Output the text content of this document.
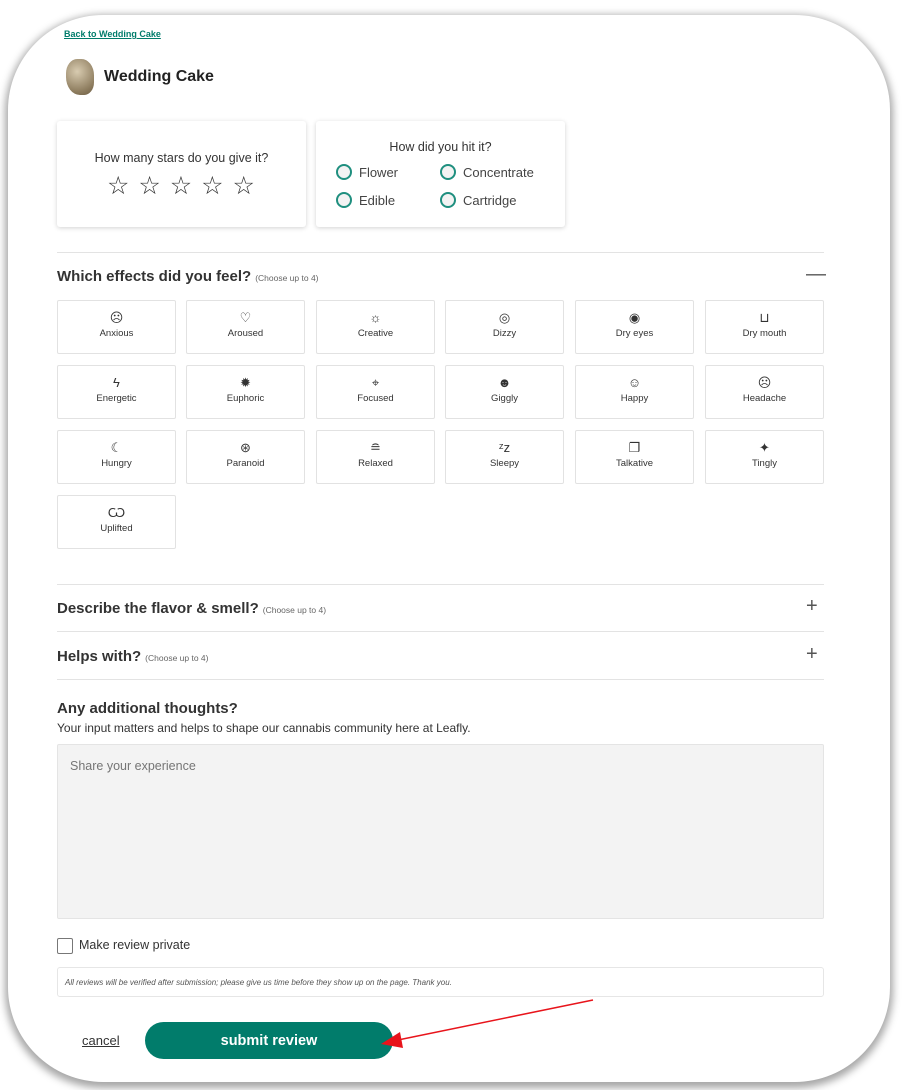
Back to Wedding Cake
Wedding Cake
How many stars do you give it?
☆ ☆ ☆ ☆ ☆
How did you hit it?
Flower	Concentrate
Edible	Cartridge
Which effects did you feel? (Choose up to 4)	—
☹
Anxious
♡
Aroused
☼
Creative
◎
Dizzy
◉
Dry eyes
⊔
Dry mouth
ϟ
Energetic
✹
Euphoric
⌖
Focused
☻
Giggly
☺
Happy
☹
Headache
☾
Hungry
⊛
Paranoid
≘
Relaxed
ᶻz
Sleepy
❐
Talkative
✦
Tingly
Ѡ
Uplifted
Describe the flavor & smell? (Choose up to 4)	+
Helps with? (Choose up to 4)	+
Any additional thoughts?
Your input matters and helps to shape our cannabis community here at Leafly.
Share your experience
Make review private
All reviews will be verified after submission; please give us time before they show up on the page. Thank you.
cancel	submit review
